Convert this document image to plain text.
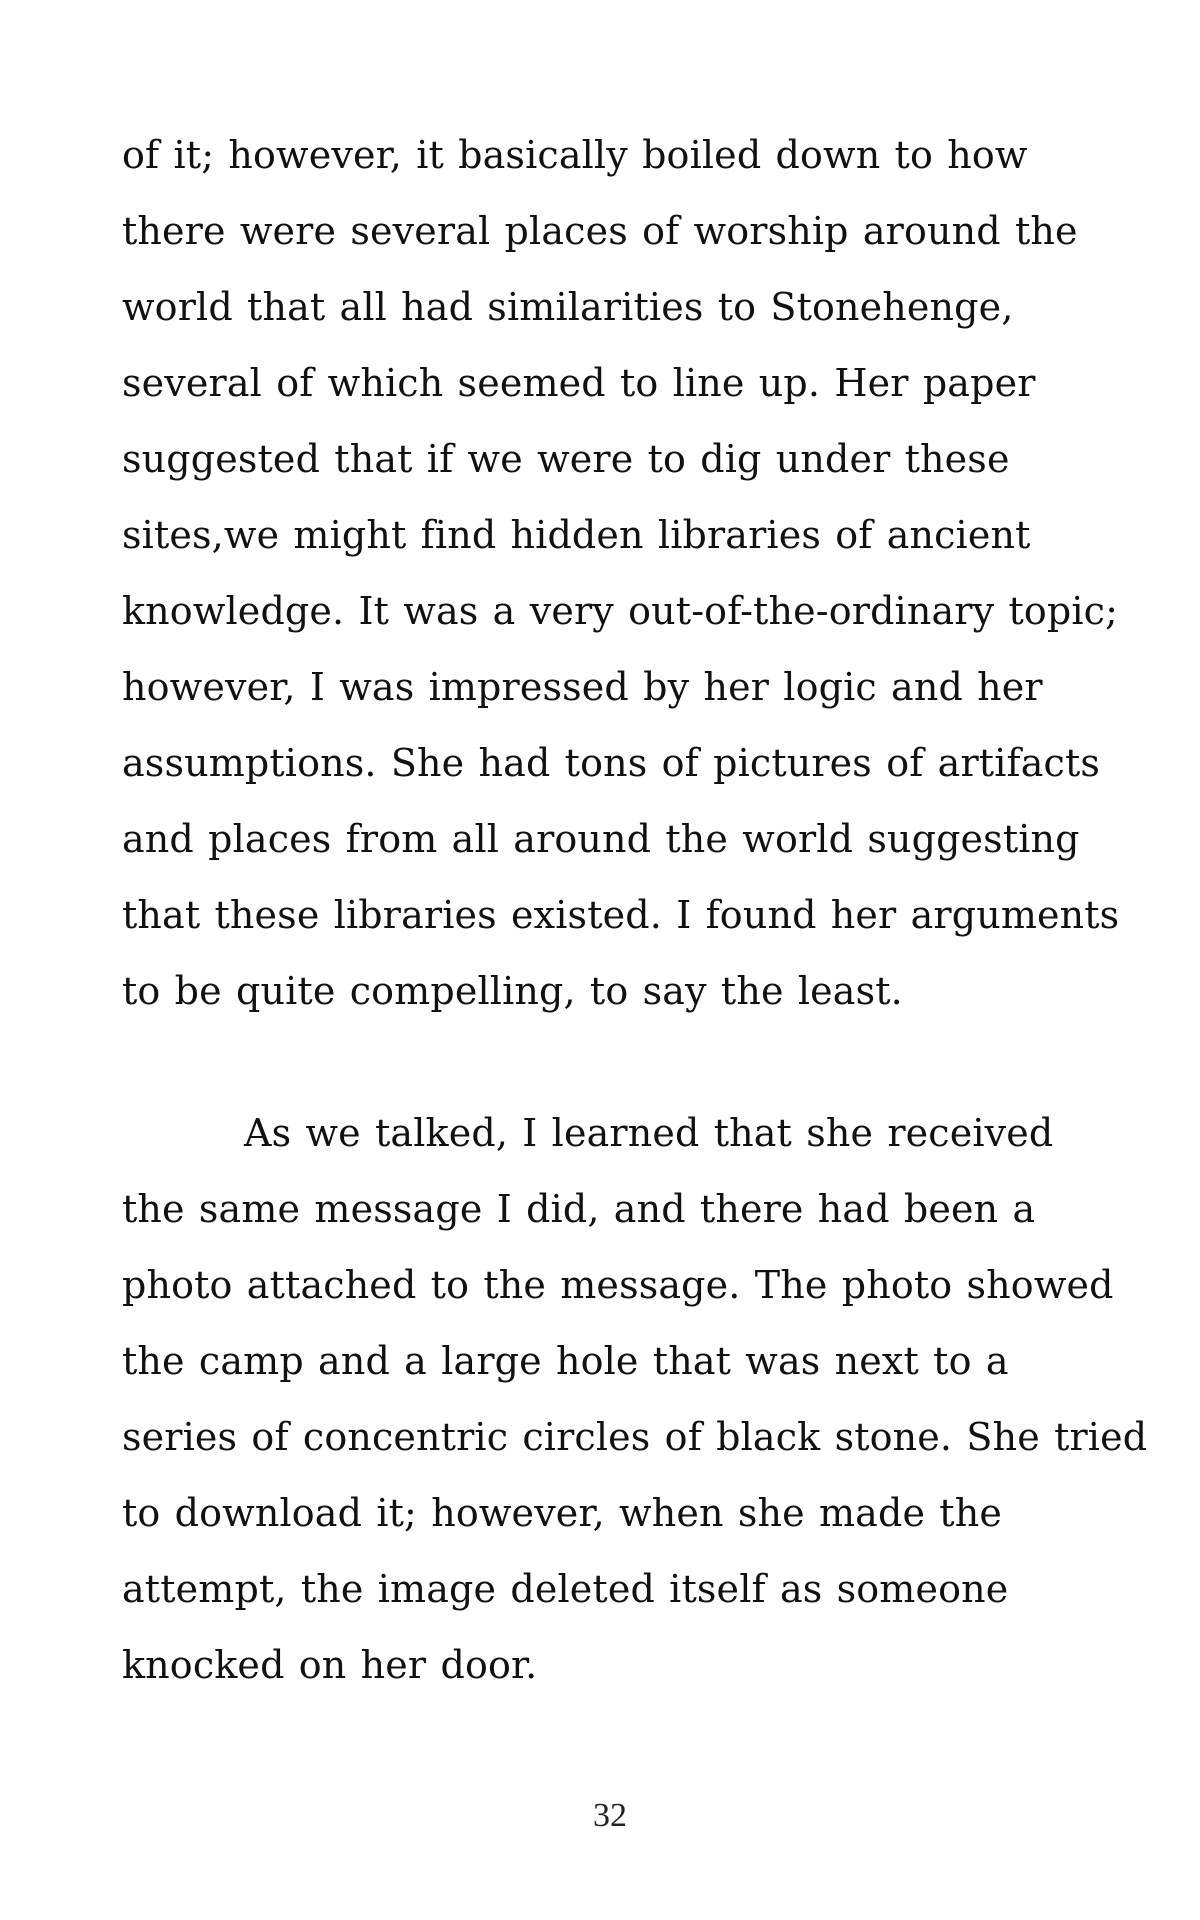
of it; however, it basically boiled down to how
there were several places of worship around the
world that all had similarities to Stonehenge,
several of which seemed to line up. Her paper
suggested that if we were to dig under these
sites,we might find hidden libraries of ancient
knowledge. It was a very out-of-the-ordinary topic;
however, I was impressed by her logic and her
assumptions. She had tons of pictures of artifacts
and places from all around the world suggesting
that these libraries existed. I found her arguments
to be quite compelling, to say the least.
As we talked, I learned that she received
the same message I did, and there had been a
photo attached to the message. The photo showed
the camp and a large hole that was next to a
series of concentric circles of black stone. She tried
to download it; however, when she made the
attempt, the image deleted itself as someone
knocked on her door.
32
